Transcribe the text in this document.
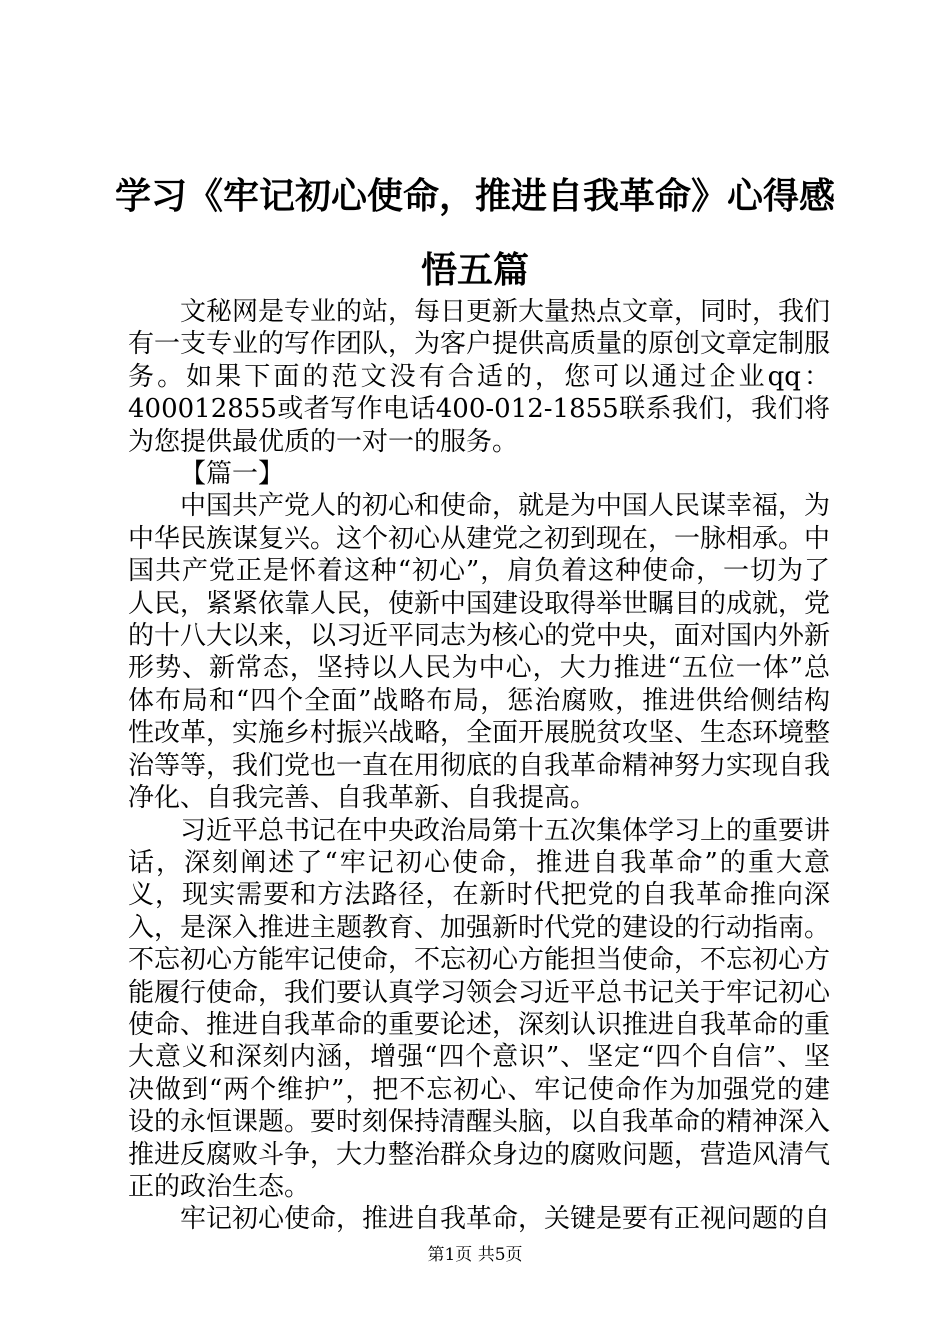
学习《牢记初心使命，推进自我革命》心得感悟五篇

文秘网是专业的站，每日更新大量热点文章，同时，我们有一支专业的写作团队，为客户提供高质量的原创文章定制服务。如果下面的范文没有合适的，您可以通过企业qq：400012855或者写作电话400-012-1855联系我们，我们将为您提供最优质的一对一的服务。

【篇一】

中国共产党人的初心和使命，就是为中国人民谋幸福，为中华民族谋复兴。这个初心从建党之初到现在，一脉相承。中国共产党正是怀着这种“初心”，肩负着这种使命，一切为了人民，紧紧依靠人民，使新中国建设取得举世瞩目的成就，党的十八大以来，以习近平同志为核心的党中央，面对国内外新形势、新常态，坚持以人民为中心，大力推进“五位一体”总体布局和“四个全面”战略布局，惩治腐败，推进供给侧结构性改革，实施乡村振兴战略，全面开展脱贫攻坚、生态环境整治等等，我们党也一直在用彻底的自我革命精神努力实现自我净化、自我完善、自我革新、自我提高。

习近平总书记在中央政治局第十五次集体学习上的重要讲话，深刻阐述了“牢记初心使命，推进自我革命”的重大意义，现实需要和方法路径，在新时代把党的自我革命推向深入，是深入推进主题教育、加强新时代党的建设的行动指南。不忘初心方能牢记使命，不忘初心方能担当使命，不忘初心方能履行使命，我们要认真学习领会习近平总书记关于牢记初心使命、推进自我革命的重要论述，深刻认识推进自我革命的重大意义和深刻内涵，增强“四个意识”、坚定“四个自信”、坚决做到“两个维护”，把不忘初心、牢记使命作为加强党的建设的永恒课题。要时刻保持清醒头脑，以自我革命的精神深入推进反腐败斗争，大力整治群众身边的腐败问题，营造风清气正的政治生态。

牢记初心使命，推进自我革命，关键是要有正视问题的自

第1页 共5页
